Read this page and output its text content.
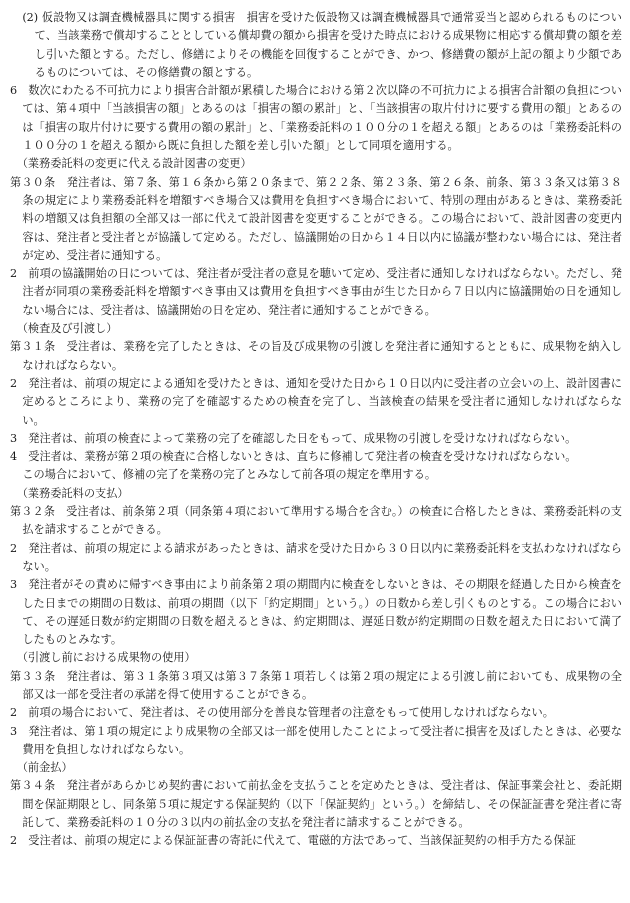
(2) 仮設物又は調査機械器具に関する損害　損害を受けた仮設物又は調査機械器具で通常妥当と認められるものについて、当該業務で償却することとしている償却費の額から損害を受けた時点における成果物に相応する償却費の額を差し引いた額とする。ただし、修繕によりその機能を回復することができ、かつ、修繕費の額が上記の額より少額であるものについては、その修繕費の額とする。

6　数次にわたる不可抗力により損害合計額が累積した場合における第２次以降の不可抗力による損害合計額の負担については、第４項中「当該損害の額」とあるのは「損害の額の累計」と、「当該損害の取片付けに要する費用の額」とあるのは「損害の取片付けに要する費用の額の累計」と、「業務委託料の１００分の１を超える額」とあるのは「業務委託料の１００分の１を超える額から既に負担した額を差し引いた額」として同項を適用する。

（業務委託料の変更に代える設計図書の変更）

第３０条　発注者は、第７条、第１６条から第２０条まで、第２２条、第２３条、第２６条、前条、第３３条又は第３８条の規定により業務委託料を増額すべき場合又は費用を負担すべき場合において、特別の理由があるときは、業務委託料の増額又は負担額の全部又は一部に代えて設計図書を変更することができる。この場合において、設計図書の変更内容は、発注者と受注者とが協議して定める。ただし、協議開始の日から１４日以内に協議が整わない場合には、発注者が定め、受注者に通知する。

2　前項の協議開始の日については、発注者が受注者の意見を聴いて定め、受注者に通知しなければならない。ただし、発注者が同項の業務委託料を増額すべき事由又は費用を負担すべき事由が生じた日から７日以内に協議開始の日を通知しない場合には、受注者は、協議開始の日を定め、発注者に通知することができる。

（検査及び引渡し）

第３１条　受注者は、業務を完了したときは、その旨及び成果物の引渡しを発注者に通知するとともに、成果物を納入しなければならない。

2　発注者は、前項の規定による通知を受けたときは、通知を受けた日から１０日以内に受注者の立会いの上、設計図書に定めるところにより、業務の完了を確認するための検査を完了し、当該検査の結果を受注者に通知しなければならない。

3　発注者は、前項の検査によって業務の完了を確認した日をもって、成果物の引渡しを受けなければならない。

4　受注者は、業務が第２項の検査に合格しないときは、直ちに修補して発注者の検査を受けなければならない。

この場合において、修補の完了を業務の完了とみなして前各項の規定を準用する。

（業務委託料の支払）

第３２条　受注者は、前条第２項（同条第４項において準用する場合を含む。）の検査に合格したときは、業務委託料の支払を請求することができる。

2　発注者は、前項の規定による請求があったときは、請求を受けた日から３０日以内に業務委託料を支払わなければならない。

3　発注者がその責めに帰すべき事由により前条第２項の期間内に検査をしないときは、その期限を経過した日から検査をした日までの期間の日数は、前項の期間（以下「約定期間」という。）の日数から差し引くものとする。この場合において、その遅延日数が約定期間の日数を超えるときは、約定期間は、遅延日数が約定期間の日数を超えた日において満了したものとみなす。

（引渡し前における成果物の使用）

第３３条　発注者は、第３１条第３項又は第３７条第１項若しくは第２項の規定による引渡し前においても、成果物の全部又は一部を受注者の承諾を得て使用することができる。

2　前項の場合において、発注者は、その使用部分を善良な管理者の注意をもって使用しなければならない。

3　発注者は、第１項の規定により成果物の全部又は一部を使用したことによって受注者に損害を及ぼしたときは、必要な費用を負担しなければならない。

（前金払）

第３４条　発注者があらかじめ契約書において前払金を支払うことを定めたときは、受注者は、保証事業会社と、委託期間を保証期限とし、同条第５項に規定する保証契約（以下「保証契約」という。）を締結し、その保証証書を発注者に寄託して、業務委託料の１０分の３以内の前払金の支払を発注者に請求することができる。

2　受注者は、前項の規定による保証証書の寄託に代えて、電磁的方法であって、当該保証契約の相手方たる保証
